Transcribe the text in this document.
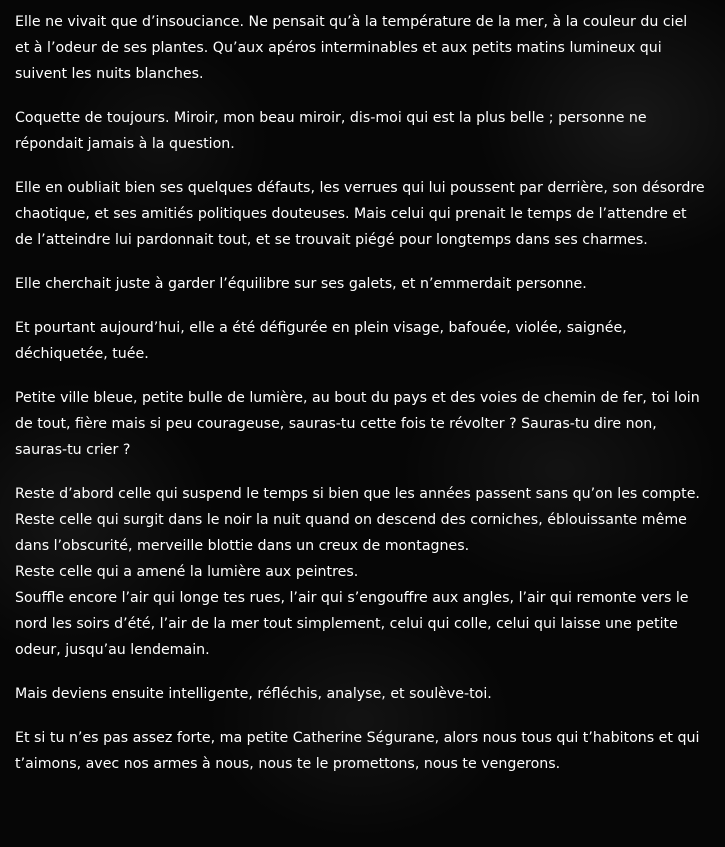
Elle ne vivait que d’insouciance. Ne pensait qu’à la température de la mer, à la couleur du ciel et à l’odeur de ses plantes. Qu’aux apéros interminables et aux petits matins lumineux qui suivent les nuits blanches.

Coquette de toujours. Miroir, mon beau miroir, dis-moi qui est la plus belle ; personne ne répondait jamais à la question.

Elle en oubliait bien ses quelques défauts, les verrues qui lui poussent par derrière, son désordre chaotique, et ses amitiés politiques douteuses. Mais celui qui prenait le temps de l’attendre et de l’atteindre lui pardonnait tout, et se trouvait piégé pour longtemps dans ses charmes.

Elle cherchait juste à garder l’équilibre sur ses galets, et n’emmerdait personne.

Et pourtant aujourd’hui, elle a été défigurée en plein visage, bafouée, violée, saignée, déchiquetée, tuée.

Petite ville bleue, petite bulle de lumière, au bout du pays et des voies de chemin de fer, toi loin de tout, fière mais si peu courageuse, sauras-tu cette fois te révolter ? Sauras-tu dire non, sauras-tu crier ?

Reste d’abord celle qui suspend le temps si bien que les années passent sans qu’on les compte.

Reste celle qui surgit dans le noir la nuit quand on descend des corniches, éblouissante même dans l’obscurité, merveille blottie dans un creux de montagnes.

Reste celle qui a amené la lumière aux peintres.

Souffle encore l’air qui longe tes rues, l’air qui s’engouffre aux angles, l’air qui remonte vers le nord les soirs d’été, l’air de la mer tout simplement, celui qui colle, celui qui laisse une petite odeur, jusqu’au lendemain.

Mais deviens ensuite intelligente, réfléchis, analyse, et soulève-toi.

Et si tu n’es pas assez forte, ma petite Catherine Ségurane, alors nous tous qui t’habitons et qui t’aimons, avec nos armes à nous, nous te le promettons, nous te vengerons.
